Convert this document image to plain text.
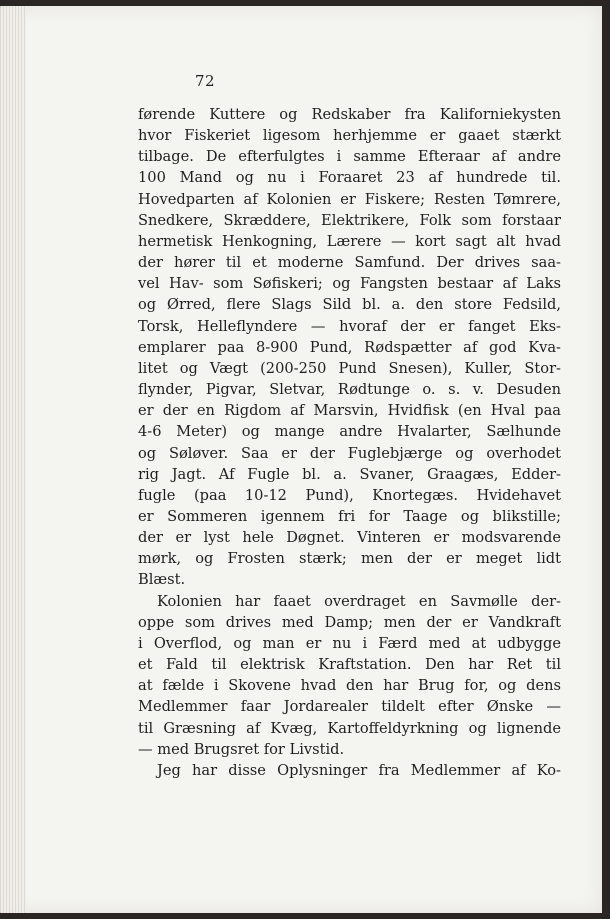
72
førende Kuttere og Redskaber fra Kaliforniekysten
hvor Fiskeriet ligesom herhjemme er gaaet stærkt
tilbage. De efterfulgtes i samme Efteraar af andre
100 Mand og nu i Foraaret 23 af hundrede til.
Hovedparten af Kolonien er Fiskere; Resten Tømrere,
Snedkere, Skræddere, Elektrikere, Folk som forstaar
hermetisk Henkogning, Lærere — kort sagt alt hvad
der hører til et moderne Samfund. Der drives saa-
vel Hav- som Søfiskeri; og Fangsten bestaar af Laks
og Ørred, flere Slags Sild bl. a. den store Fedsild,
Torsk, Helleflyndere — hvoraf der er fanget Eks-
emplarer paa 8-900 Pund, Rødspætter af god Kva-
litet og Vægt (200-250 Pund Snesen), Kuller, Stor-
flynder, Pigvar, Sletvar, Rødtunge o. s. v. Desuden
er der en Rigdom af Marsvin, Hvidfisk (en Hval paa
4-6 Meter) og mange andre Hvalarter, Sælhunde
og Søløver. Saa er der Fuglebjærge og overhodet
rig Jagt. Af Fugle bl. a. Svaner, Graagæs, Edder-
fugle (paa 10-12 Pund), Knortegæs. Hvidehavet
er Sommeren igennem fri for Taage og blikstille;
der er lyst hele Døgnet. Vinteren er modsvarende
mørk, og Frosten stærk; men der er meget lidt
Blæst.
Kolonien har faaet overdraget en Savmølle der-
oppe som drives med Damp; men der er Vandkraft
i Overflod, og man er nu i Færd med at udbygge
et Fald til elektrisk Kraftstation. Den har Ret til
at fælde i Skovene hvad den har Brug for, og dens
Medlemmer faar Jordarealer tildelt efter Ønske —
til Græsning af Kvæg, Kartoffeldyrkning og lignende
— med Brugsret for Livstid.
Jeg har disse Oplysninger fra Medlemmer af Ko-
